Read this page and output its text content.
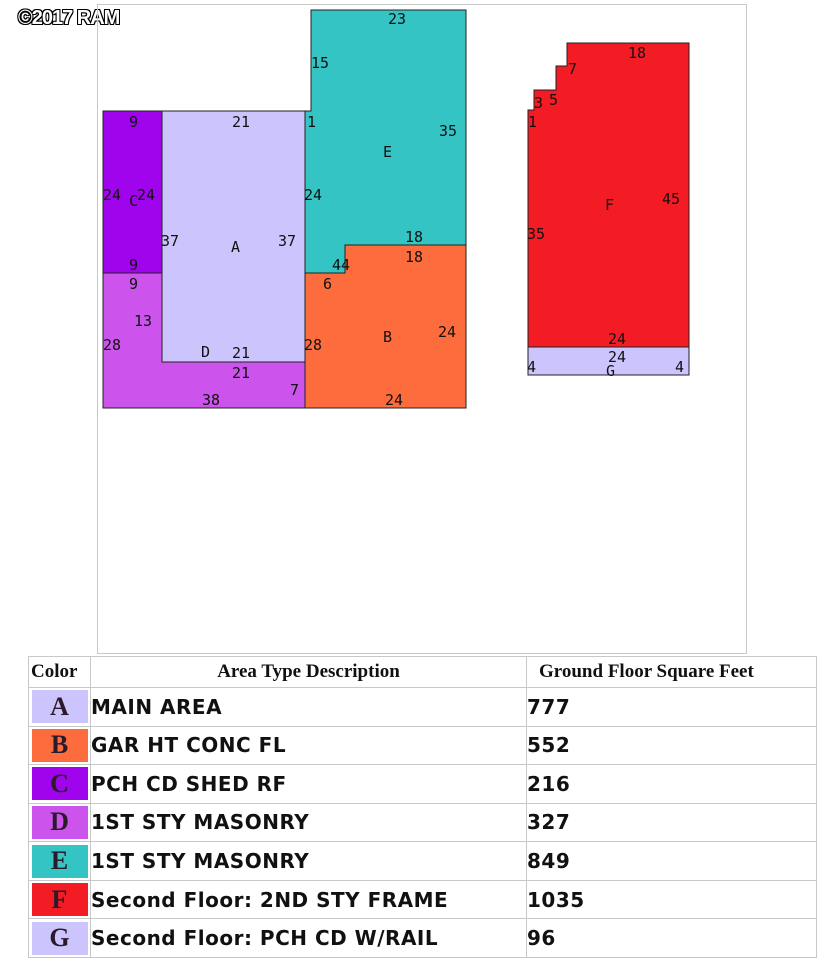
©2017 RAM
A
B
C
D
E
F
G
23
15
35
1
21
9
24 24
37	37
24
18
18
44
9
9	6
13
28	28
21
21
24
7
38	24
18
7
3 5
1
45
35
24
24
4	4
Color	Area Type Description	Ground Floor Square Feet

A	MAIN AREA	777

B	GAR HT CONC FL	552

C	PCH CD SHED RF	216

D	1ST STY MASONRY	327

E	1ST STY MASONRY	849

F	Second Floor: 2ND STY FRAME	1035

G	Second Floor: PCH CD W/RAIL	96
